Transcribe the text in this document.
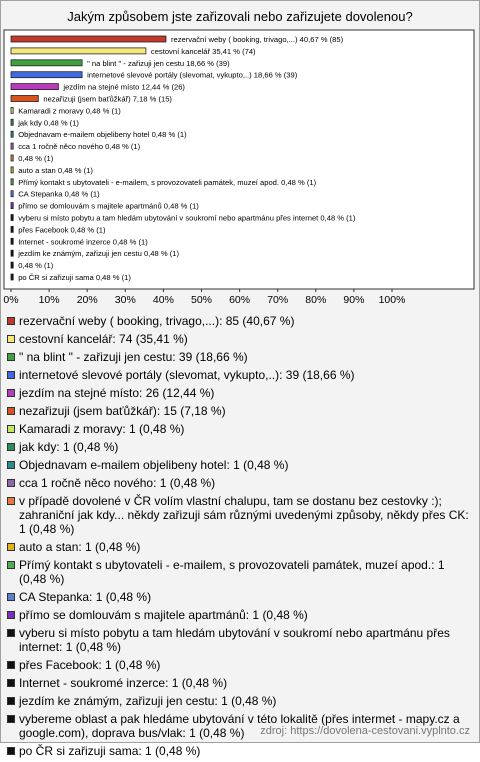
Jakým způsobem jste zařizovali nebo zařizujete dovolenou?
rezervační weby ( booking, trivago,...) 40,67 % (85)
cestovní kancelář 35,41 % (74)
" na blint " - zařizuji jen cestu 18,66 % (39)
internetové slevové portály (slevomat, vykupto,..) 18,66 % (39)
jezdím na stejné místo 12,44 % (26)
nezařizuji (jsem baťůžkář) 7,18 % (15)
Kamaradi z moravy 0,48 % (1)
jak kdy 0,48 % (1)
Objednavam e-mailem objelibeny hotel 0,48 % (1)
cca 1 ročně něco nového 0,48 % (1)
0,48 % (1)
auto a stan 0,48 % (1)
Přímý kontakt s ubytovateli - e-mailem, s provozovateli památek, muzeí apod. 0,48 % (1)
CA Stepanka 0,48 % (1)
přímo se domlouvám s majitele apartmánů 0,48 % (1)
vyberu si místo pobytu a tam hledám ubytování v soukromí nebo apartmánu přes internet 0,48 % (1)
přes Facebook 0,48 % (1)
Internet - soukromé inzerce 0,48 % (1)
jezdím ke známým, zařizuji jen cestu 0,48 % (1)
0,48 % (1)
po ČR si zařizuji sama 0,48 % (1)
0% 10% 20% 30% 40% 50% 60% 70% 80% 90% 100%
rezervační weby ( booking, trivago,...): 85 (40,67 %)
cestovní kancelář: 74 (35,41 %)
" na blint " - zařizuji jen cestu: 39 (18,66 %)
internetové slevové portály (slevomat, vykupto,..): 39 (18,66 %)
jezdím na stejné místo: 26 (12,44 %)
nezařizuji (jsem baťůžkář): 15 (7,18 %)
Kamaradi z moravy: 1 (0,48 %)
jak kdy: 1 (0,48 %)
Objednavam e-mailem objelibeny hotel: 1 (0,48 %)
cca 1 ročně něco nového: 1 (0,48 %)
v případě dovolené v ČR volím vlastní chalupu, tam se dostanu bez cestovky :); zahraniční jak kdy... někdy zařizuji sám různými uvedenými způsoby, někdy přes CK: 1 (0,48 %)
auto a stan: 1 (0,48 %)
Přímý kontakt s ubytovateli - e-mailem, s provozovateli památek, muzeí apod.: 1 (0,48 %)
CA Stepanka: 1 (0,48 %)
přímo se domlouvám s majitele apartmánů: 1 (0,48 %)
vyberu si místo pobytu a tam hledám ubytování v soukromí nebo apartmánu přes internet: 1 (0,48 %)
přes Facebook: 1 (0,48 %)
Internet - soukromé inzerce: 1 (0,48 %)
jezdím ke známým, zařizuji jen cestu: 1 (0,48 %)
vybereme oblast a pak hledáme ubytování v této lokalitě (přes intermet - mapy.cz a google.com), doprava bus/vlak: 1 (0,48 %)
po ČR si zařizuji sama: 1 (0,48 %)
zdroj: https://dovolena-cestovani.vyplnto.cz
